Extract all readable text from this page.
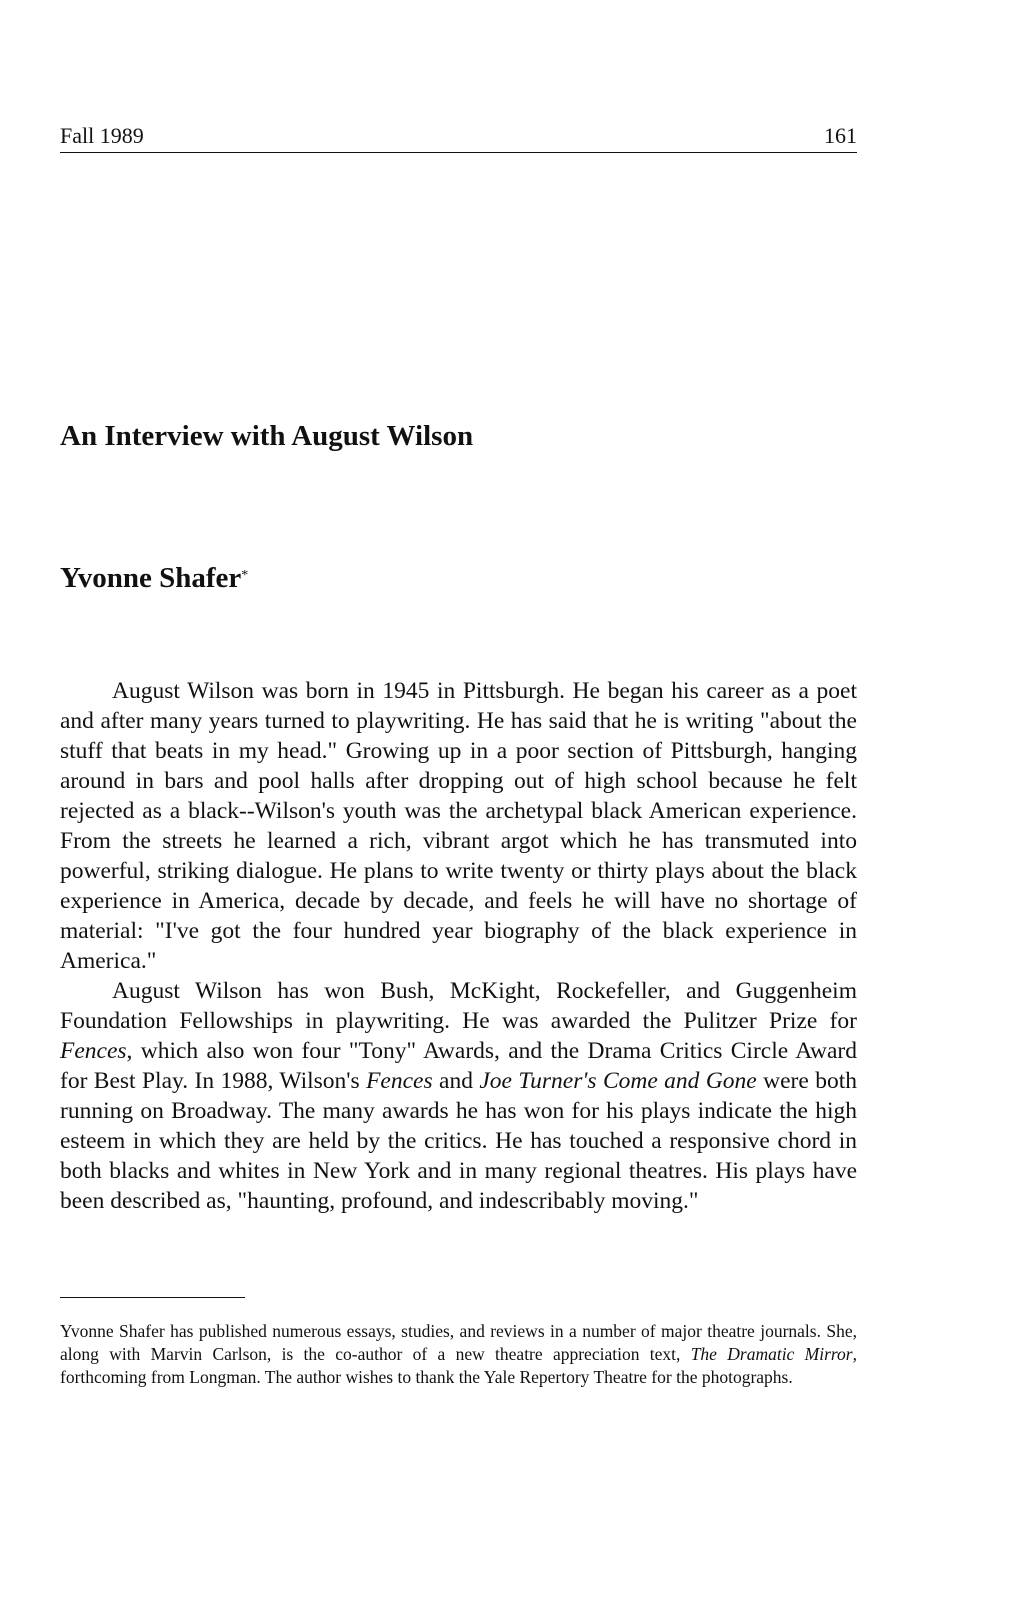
Fall 1989	161
An Interview with August Wilson
Yvonne Shafer*

August Wilson was born in 1945 in Pittsburgh. He began his career as a poet and after many years turned to playwriting. He has said that he is writing "about the stuff that beats in my head." Growing up in a poor section of Pittsburgh, hanging around in bars and pool halls after dropping out of high school because he felt rejected as a black--Wilson's youth was the archetypal black American experience. From the streets he learned a rich, vibrant argot which he has transmuted into powerful, striking dialogue. He plans to write twenty or thirty plays about the black experience in America, decade by decade, and feels he will have no shortage of material: "I've got the four hundred year biography of the black experience in America."

August Wilson has won Bush, McKight, Rockefeller, and Guggenheim Foundation Fellowships in playwriting. He was awarded the Pulitzer Prize for Fences, which also won four "Tony" Awards, and the Drama Critics Circle Award for Best Play. In 1988, Wilson's Fences and Joe Turner's Come and Gone were both running on Broadway. The many awards he has won for his plays indicate the high esteem in which they are held by the critics. He has touched a responsive chord in both blacks and whites in New York and in many regional theatres. His plays have been described as, "haunting, profound, and indescribably moving."

Yvonne Shafer has published numerous essays, studies, and reviews in a number of major theatre journals. She, along with Marvin Carlson, is the co-author of a new theatre appreciation text, The Dramatic Mirror, forthcoming from Longman. The author wishes to thank the Yale Repertory Theatre for the photographs.
